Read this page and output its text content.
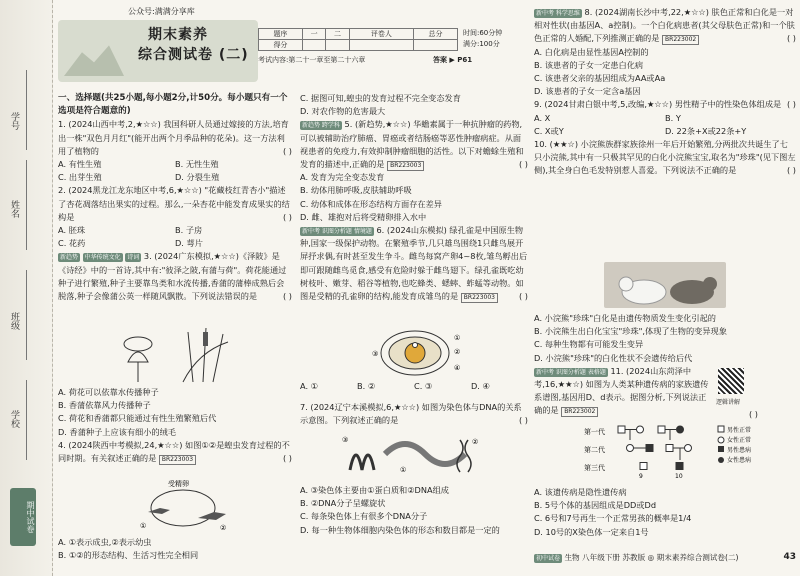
学号
姓名
班级
学校
期中试卷
公众号:满满分享库
期末素养
综合测试卷 (二)
题序	一	二	评卷人	总分
得分				
时间:60分钟
满分:100分
考试内容:第二十一章至第二十六章	答案 ▶ P61

一、选择题(共25小题,每小题2分,计50分。每小题只有一个选项是符合题意的)

1. (2024山西中考,2,★☆☆) 我国科研人员通过嫁接的方法,培育出一株"双色月月红"(能开出两个月季品种的花朵)。这一方法利用了植物的	( )

A. 有性生殖	B. 无性生殖
C. 出芽生殖	D. 分裂生殖

2. (2024黑龙江龙东地区中考,6,★☆☆) "花藏枝红青杏小"描述了杏花凋落结出果实的过程。那么,一朵杏花中能发育成果实的结构是	( )

A. 胚珠	B. 子房
C. 花药	D. 萼片

新趋势 中华传统文化 诗词 3. (2024广东模拟,★☆☆)《泽陂》是《诗经》中的一首诗,其中有:"彼泽之陂,有蒲与荷"。荷花能通过种子进行繁殖,种子主要靠鸟类和水流传播,香蒲的蒲棒成熟后会脱落,种子会像蒲公英一样随风飘散。下列说法错误的是	( )

A. 荷花可以依靠水传播种子

B. 香蒲依靠风力传播种子

C. 荷花和香蒲都只能通过有性生殖繁殖后代

D. 香蒲种子上应该有细小的绒毛

4. (2024陕西中考模拟,24,★☆☆) 如图①②是蝗虫发育过程的不同时期。有关叙述正确的是 BR223003	( )

受精卵
①	②

A. ①表示成虫,②表示幼虫

B. ①②的形态结构、生活习性完全相同

C. 据图可知,蝗虫的发育过程不完全变态发育

D. 对农作物的危害最大

新趋势 跨学科 5. (新趋势,★☆☆) 华蟾素属于一种抗肿瘤的药物,可以被辅助治疗肺癌、胃癌或者结肠癌等恶性肿瘤病症。从面视患者的免疫力,有效抑制肿瘤细胞的活性。以下对蟾蜍生殖和发育的描述中,正确的是 BR223003	( )

A. 发育为完全变态发育

B. 幼体用肺呼吸,皮肤辅助呼吸

C. 幼体和成体在形态结构方面存在差异

D. 雌、雄抱对后将受精卵排入水中

新中考 识图分析题 情境题 6. (2024山东模拟) 绿孔雀是中国原生物种,国家一级保护动物。在繁殖季节,几只雄鸟围绕1只雌鸟展开屏抒求偶,有时甚至发生争斗。雌鸟每窝产卵4~8枚,雏鸟孵出后即可跟随雌鸟觅食,感受有危险时躲于雌鸟翅下。绿孔雀既吃幼树枝叶、嫩芽、稻谷等植物,也吃蜂类、蟋蟀、蚱蜢等动物。如图是受精的孔雀卵的结构,能发育成雏鸟的是 BR223003	( )

③
①
②
④
A. ①	B. ②	C. ③	D. ④

7. (2024辽宁本溪模拟,6,★☆☆) 如图为染色体与DNA的关系示意图。下列叙述正确的是	( )

①
②
③

A. ③染色体主要由①蛋白质和②DNA组成

B. ②DNA分子呈螺旋状

C. 每条染色体上有很多个DNA分子

D. 每一种生物体细胞内染色体的形态和数目都是一定的

新中考 科学思维 8. (2024湖南长沙中考,22,★☆☆) 肤色正常和白化是一对相对性状(由基因A、a控制)。一个白化病患者(其父母肤色正常)和一个肤色正常的人婚配,下列推测正确的是 BR223002	( )

A. 白化病是由显性基因A控制的

B. 该患者的子女一定患白化病

C. 该患者父亲的基因组成为AA或Aa

D. 该患者的子女一定含a基因

9. (2024甘肃白银中考,5,改编,★☆☆) 男性精子中的性染色体组成是 ( )

A. X	B. Y
C. X或Y	D. 22条+X或22条+Y

10. (★★☆) 小浣熊族群家族徐州一年后开始繁殖,分两批次共诞生了七只小浣熊,其中有一只极其罕见的白化小浣熊宝宝,取名为"珍珠"(见下图左侧),其全身白色毛发特别惹人喜爱。下列说法不正确的是	( )

A. 小浣熊"珍珠"白化是由遗传物质发生变化引起的

B. 小浣熊生出白化宝宝"珍珠",体现了生物的变异现象

C. 每种生物都有可能发生变异

D. 小浣熊"珍珠"的白化性状不会遗传给后代

新中考 识图分析题 表格题 11. (2024山东菏泽中考,16,★★☆) 如图为人类某种遗传病的家族遗传系谱图,基因用D、d表示。据图分析,下列说法正确的是 BR223002

逻辑讲解
( )
第一代
第二代
第三代
9	10
男性正常
女性正常
男性患病
女性患病

A. 该遗传病是隐性遗传病

B. 5号个体的基因组成是DD或Dd

C. 6号和7号再生一个正常男孩的概率是1/4

D. 10号的X染色体一定来自1号

初中试卷 生物 八年级下册 苏教版 ◎ 期末素养综合测试卷(二)	43
